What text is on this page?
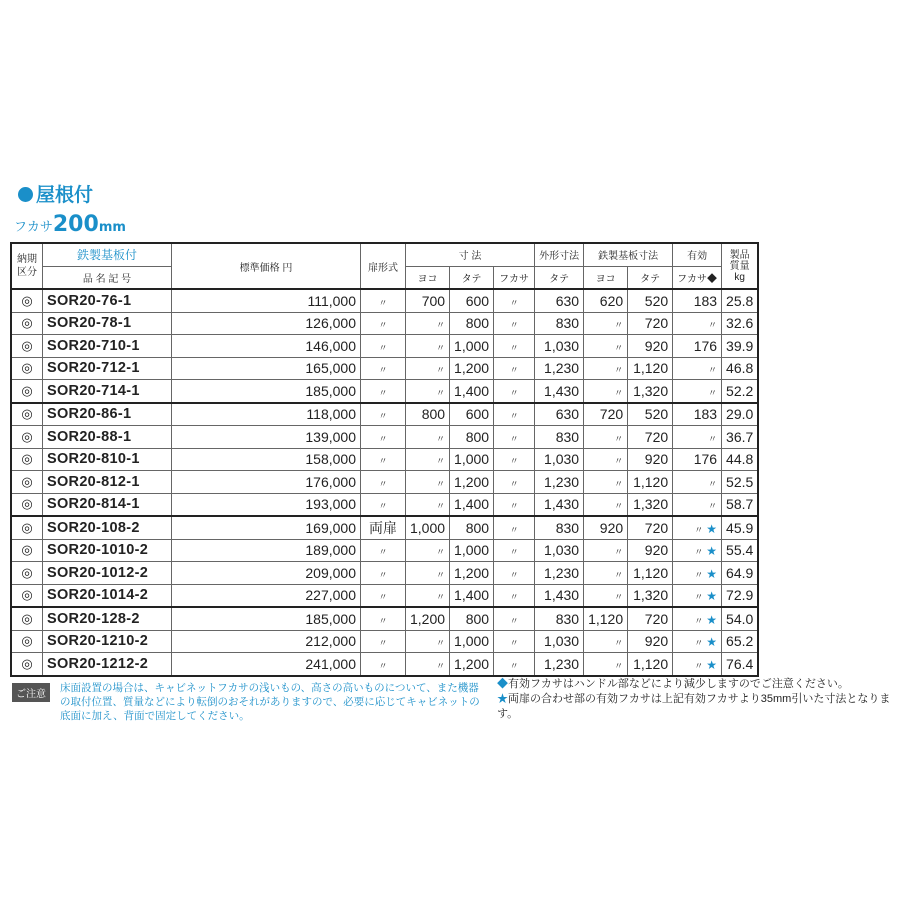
屋根付
フカサ200mm
納期
区分	鉄製基板付	標準価格 円	扉形式	寸 法			外形寸法	鉄製基板寸法		有効	製品
質量
kg
	品 名 記 号			ヨコ	タテ	フカサ	タテ	ヨコ	タテ	フカサ◆	
◎	SOR20-76-1	111,000	〃	700	600	〃	630	620	520	183	25.8
◎	SOR20-78-1	126,000	〃	〃	800	〃	830	〃	720	〃	32.6
◎	SOR20-710-1	146,000	〃	〃	1,000	〃	1,030	〃	920	176	39.9
◎	SOR20-712-1	165,000	〃	〃	1,200	〃	1,230	〃	1,120	〃	46.8
◎	SOR20-714-1	185,000	〃	〃	1,400	〃	1,430	〃	1,320	〃	52.2
◎	SOR20-86-1	118,000	〃	800	600	〃	630	720	520	183	29.0
◎	SOR20-88-1	139,000	〃	〃	800	〃	830	〃	720	〃	36.7
◎	SOR20-810-1	158,000	〃	〃	1,000	〃	1,030	〃	920	176	44.8
◎	SOR20-812-1	176,000	〃	〃	1,200	〃	1,230	〃	1,120	〃	52.5
◎	SOR20-814-1	193,000	〃	〃	1,400	〃	1,430	〃	1,320	〃	58.7
◎	SOR20-108-2	169,000	両扉	1,000	800	〃	830	920	720	〃 ★	45.9
◎	SOR20-1010-2	189,000	〃	〃	1,000	〃	1,030	〃	920	〃 ★	55.4
◎	SOR20-1012-2	209,000	〃	〃	1,200	〃	1,230	〃	1,120	〃 ★	64.9
◎	SOR20-1014-2	227,000	〃	〃	1,400	〃	1,430	〃	1,320	〃 ★	72.9
◎	SOR20-128-2	185,000	〃	1,200	800	〃	830	1,120	720	〃 ★	54.0
◎	SOR20-1210-2	212,000	〃	〃	1,000	〃	1,030	〃	920	〃 ★	65.2
◎	SOR20-1212-2	241,000	〃	〃	1,200	〃	1,230	〃	1,120	〃 ★	76.4
ご注意
床面設置の場合は、キャビネットフカサの浅いもの、高さの高いものについて、また機器の取付位置、質量などにより転倒のおそれがありますので、必要に応じてキャビネットの底面に加え、背面で固定してください。
◆有効フカサはハンドル部などにより減少しますのでご注意ください。
★両扉の合わせ部の有効フカサは上記有効フカサより35mm引いた寸法となります。
